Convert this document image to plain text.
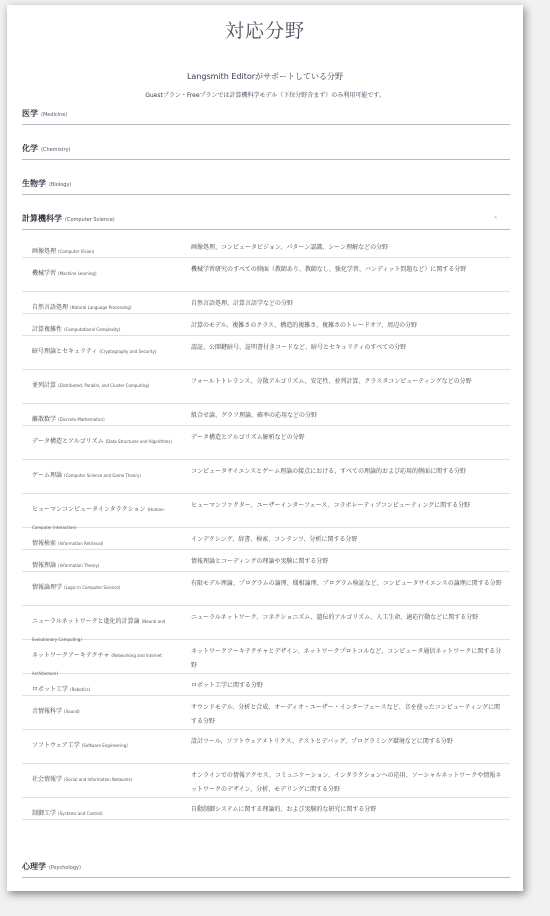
対応分野
Langsmith Editorがサポートしている分野
Guestプラン・Freeプランでは計算機科学モデル（下位分野含まず）のみ利用可能です。
医学 (Medicine)
化学 (Chemistry)
生物学 (Biology)
計算機科学 (Computer Science)	⌃
画像処理 (Computer Vision)
画像処理、コンピュータビジョン、パターン認識、シーン理解などの分野
機械学習 (Machine Learning)
機械学習研究のすべての側面（教師あり、教師なし、強化学習、バンディット問題など）に関する分野
自然言語処理 (Natural Language Processing)
自然言語処理、計算言語学などの分野
計算複雑性 (Computational Complexity)
計算のモデル、複雑さのクラス、構造的複雑さ、複雑さのトレードオフ、周辺の分野
暗号理論とセキュリティ (Cryptography and Security)
認証、公開鍵暗号、証明書付きコードなど、暗号とセキュリティのすべての分野
並列計算 (Distributed, Parallel, and Cluster Computing)
フォールトトレランス、分散アルゴリズム、安定性、並列計算、クラスタコンピューティングなどの分野
離散数学 (Discrete Mathematics)
組合せ論、グラフ理論、確率の応用などの分野
データ構造とアルゴリズム (Data Structures and Algorithms)
データ構造とアルゴリズム解析などの分野
ゲーム理論 (Computer Science and Game Theory)
コンピュータサイエンスとゲーム理論の接点における、すべての理論的および応用的側面に関する分野
ヒューマンコンピュータインタラクション (Human-Computer Interaction)
ヒューマンファクター、ユーザーインターフェース、コラボレーティブコンピューティングに関する分野
情報検索 (Information Retrieval)
インデクシング、辞書、検索、コンテンツ、分析に関する分野
情報理論 (Information Theory)
情報理論とコーディングの理論や実験に関する分野
情報論理学 (Logic in Computer Science)
有限モデル理論、プログラムの論理、様相論理、プログラム検証など、コンピュータサイエンスの論理に関する分野
ニューラルネットワークと進化的計算論 (Neural and Evolutionary Computing)
ニューラルネットワーク、コネクショニズム、遺伝的アルゴリズム、人工生命、適応行動などに関する分野
ネットワークアーキテクチャ (Networking and Internet Architecture)
ネットワークアーキテクチャとデザイン、ネットワークプロトコルなど、コンピュータ通信ネットワークに関する分野
ロボット工学 (Robotics)
ロボット工学に関する分野
音情報科学 (Sound)
サウンドモデル、分析と合成、オーディオ・ユーザー・インターフェースなど、音を使ったコンピューティングに関する分野
ソフトウェア工学 (Software Engineering)
設計ツール、ソフトウェアメトリクス、テストとデバッグ、プログラミング環境などに関する分野
社会情報学 (Social and Information Networks)
オンラインでの情報アクセス、コミュニケーション、インタラクションへの応用、ソーシャルネットワークや情報ネットワークのデザイン、分析、モデリングに関する分野
制御工学 (Systems and Control)
自動制御システムに関する理論的、および実験的な研究に関する分野
心理学 (Psychology)
